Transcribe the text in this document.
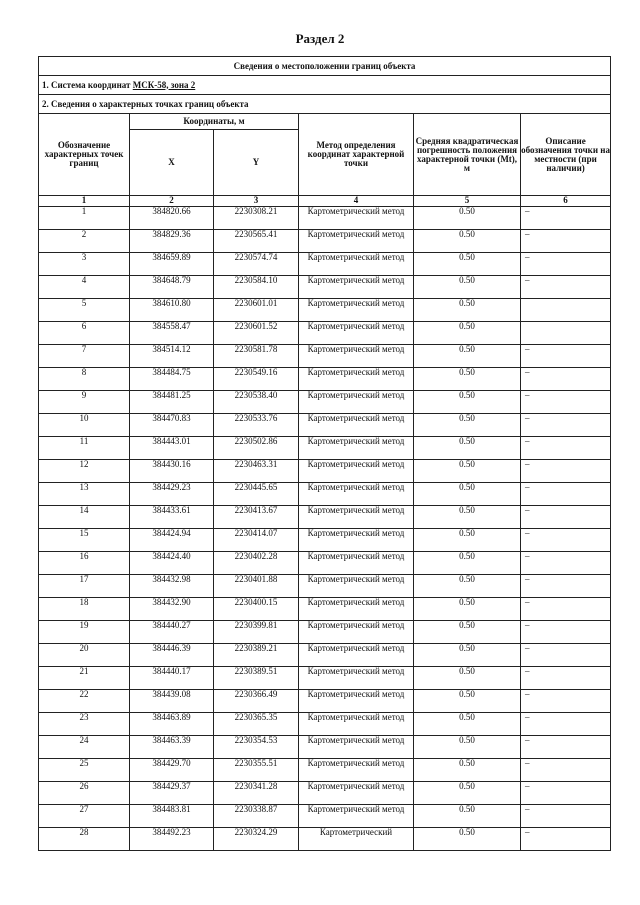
Раздел 2
Сведения о местоположении границ объекта					
1. Система координат МСК-58, зона 2					
2. Сведения о характерных точках границ объекта					
Обозначение характерных точек границ	Координаты, м		Метод определения координат характерной точки	Средняя квадратическая погрешность положения характерной точки (Mt), м	Описание обозначения точки на местности (при наличии)
	X	Y			
1	2	3	4	5	6
1	384820.66	2230308.21	Картометрический метод	0.50	–
2	384829.36	2230565.41	Картометрический метод	0.50	–
3	384659.89	2230574.74	Картометрический метод	0.50	–
4	384648.79	2230584.10	Картометрический метод	0.50	–
5	384610.80	2230601.01	Картометрический метод	0.50	
6	384558.47	2230601.52	Картометрический метод	0.50	
7	384514.12	2230581.78	Картометрический метод	0.50	–
8	384484.75	2230549.16	Картометрический метод	0.50	–
9	384481.25	2230538.40	Картометрический метод	0.50	–
10	384470.83	2230533.76	Картометрический метод	0.50	–
11	384443.01	2230502.86	Картометрический метод	0.50	–
12	384430.16	2230463.31	Картометрический метод	0.50	–
13	384429.23	2230445.65	Картометрический метод	0.50	–
14	384433.61	2230413.67	Картометрический метод	0.50	–
15	384424.94	2230414.07	Картометрический метод	0.50	–
16	384424.40	2230402.28	Картометрический метод	0.50	–
17	384432.98	2230401.88	Картометрический метод	0.50	–
18	384432.90	2230400.15	Картометрический метод	0.50	–
19	384440.27	2230399.81	Картометрический метод	0.50	–
20	384446.39	2230389.21	Картометрический метод	0.50	–
21	384440.17	2230389.51	Картометрический метод	0.50	–
22	384439.08	2230366.49	Картометрический метод	0.50	–
23	384463.89	2230365.35	Картометрический метод	0.50	–
24	384463.39	2230354.53	Картометрический метод	0.50	–
25	384429.70	2230355.51	Картометрический метод	0.50	–
26	384429.37	2230341.28	Картометрический метод	0.50	–
27	384483.81	2230338.87	Картометрический метод	0.50	–
28	384492.23	2230324.29	Картометрический	0.50	–
